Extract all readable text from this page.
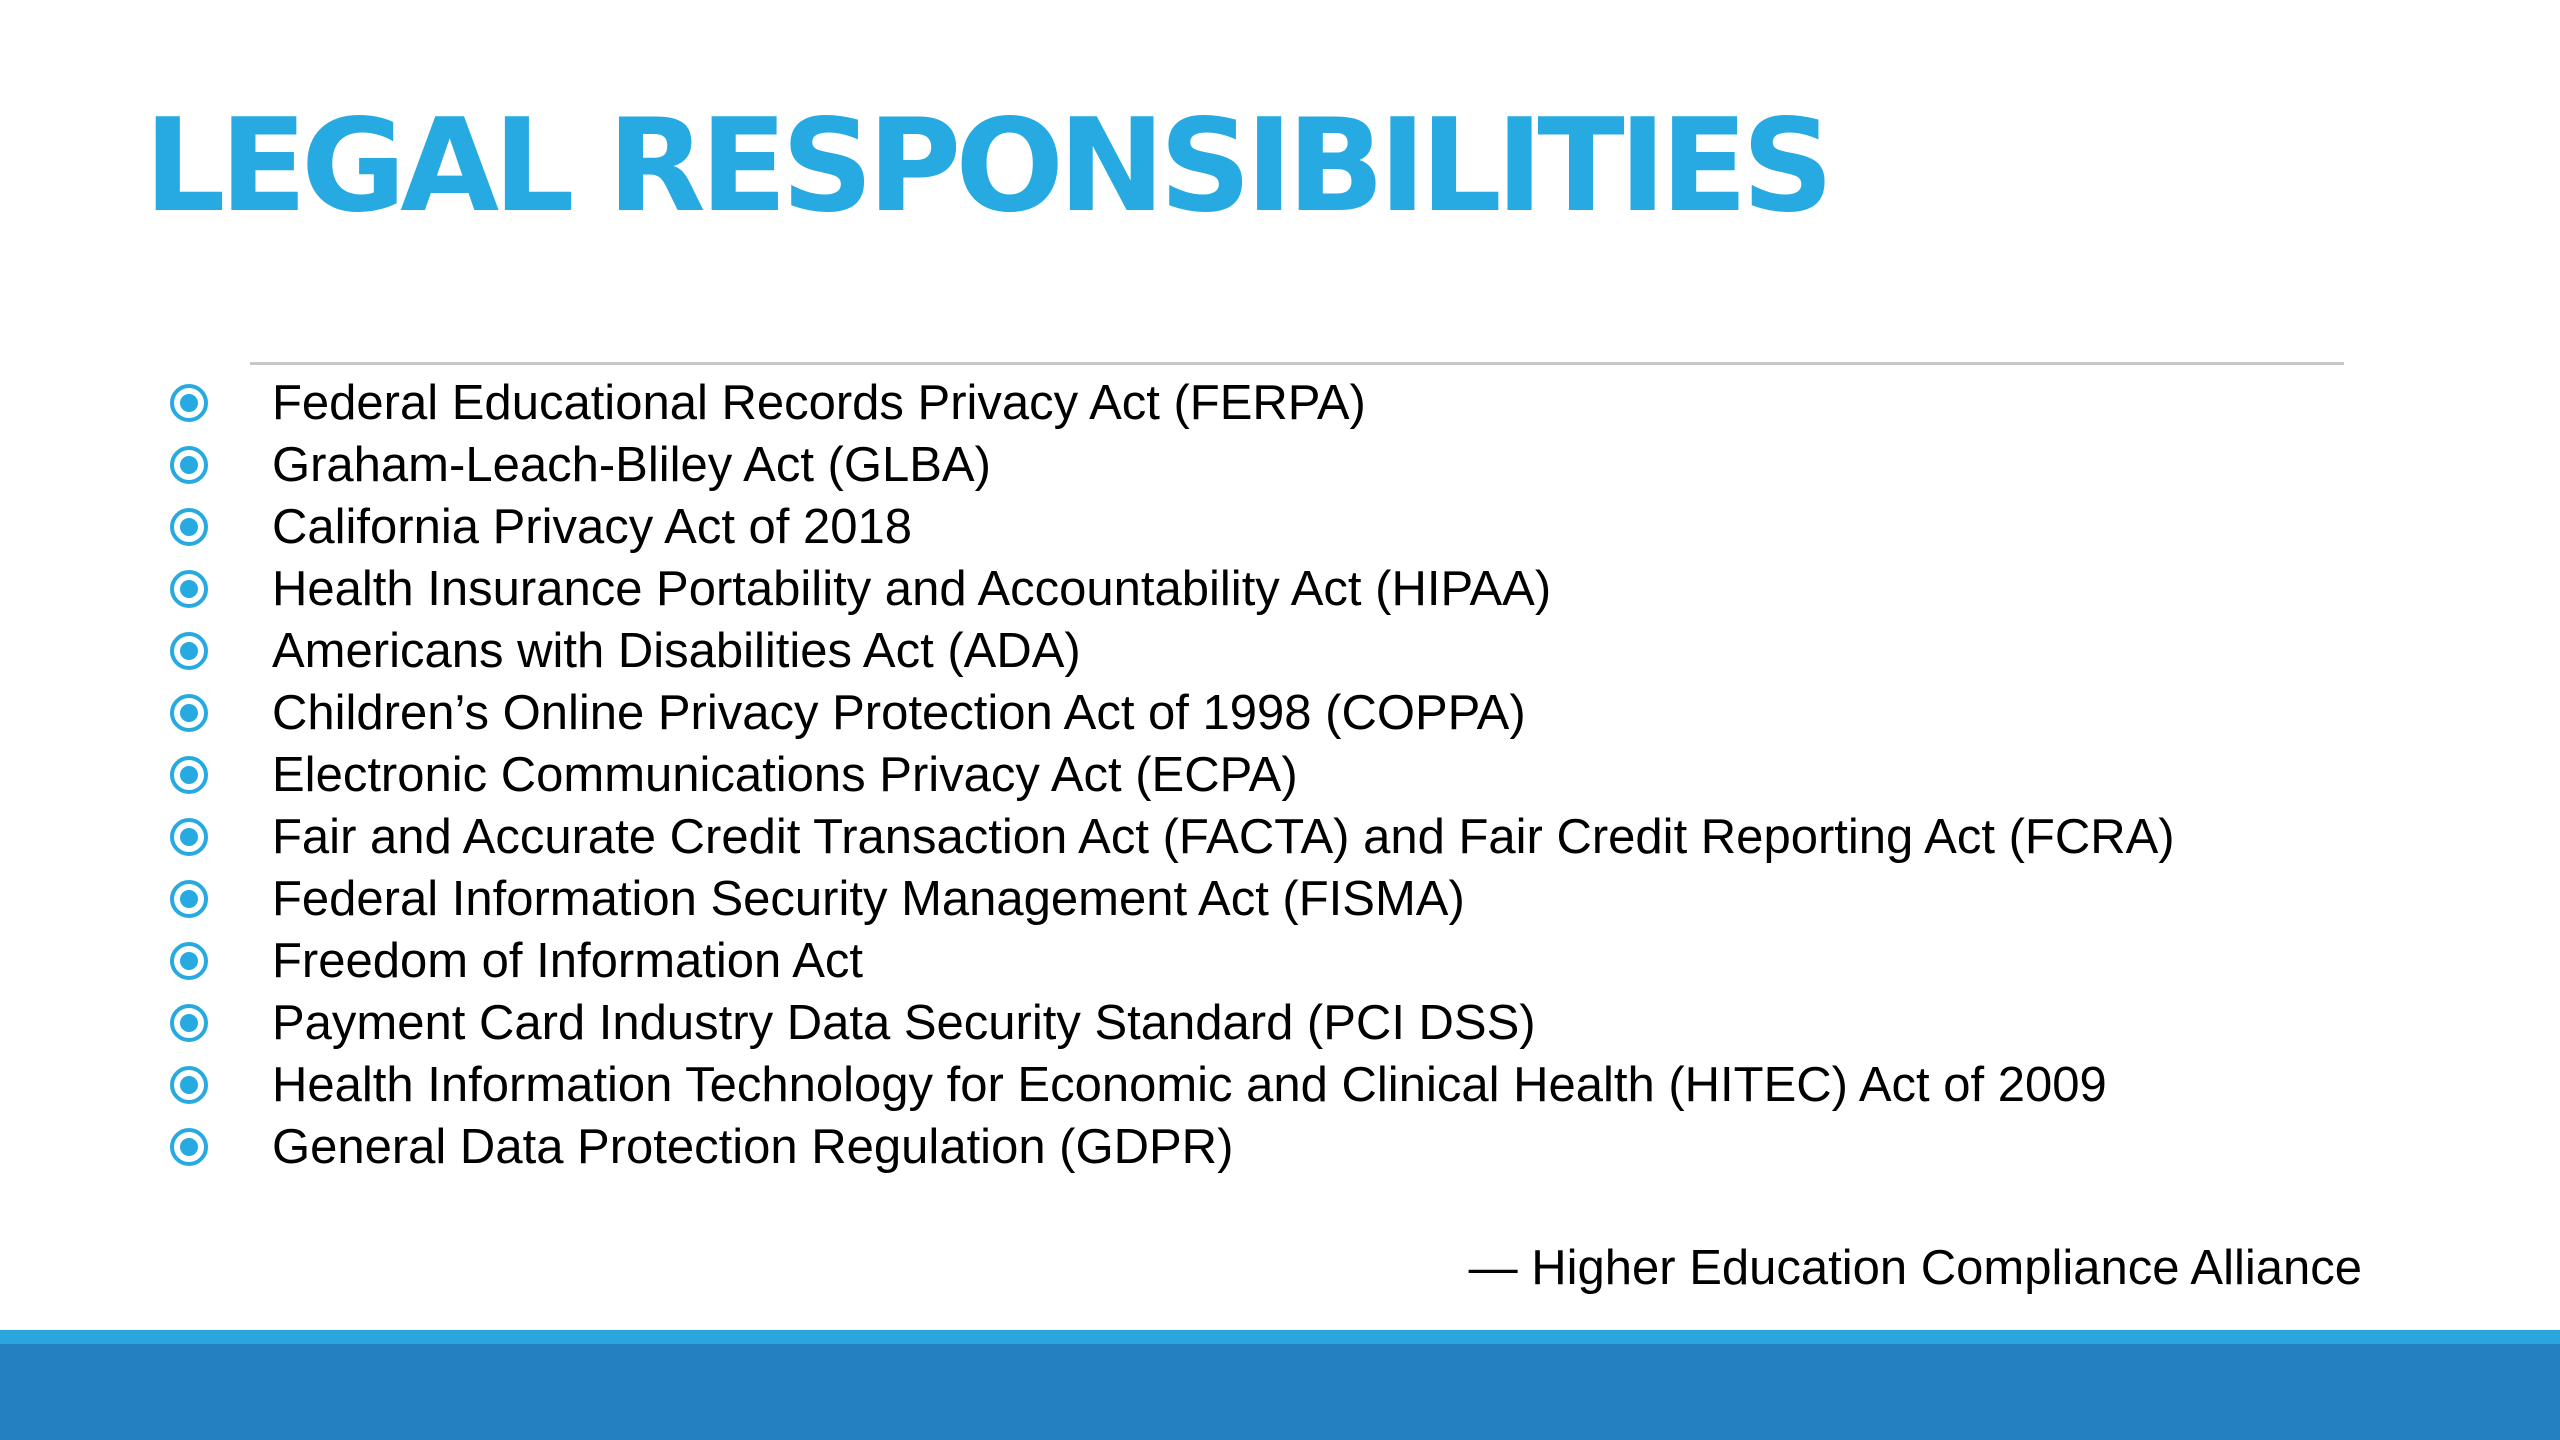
LEGAL RESPONSIBILITIES
Federal Educational Records Privacy Act (FERPA)
Graham-Leach-Bliley Act (GLBA)
California Privacy Act of 2018
Health Insurance Portability and Accountability Act (HIPAA)
Americans with Disabilities Act (ADA)
Children’s Online Privacy Protection Act of 1998 (COPPA)
Electronic Communications Privacy Act (ECPA)
Fair and Accurate Credit Transaction Act (FACTA) and Fair Credit Reporting Act (FCRA)
Federal Information Security Management Act (FISMA)
Freedom of Information Act
Payment Card Industry Data Security Standard (PCI DSS)
Health Information Technology for Economic and Clinical Health (HITEC) Act of 2009
General Data Protection Regulation (GDPR)
— Higher Education Compliance Alliance
